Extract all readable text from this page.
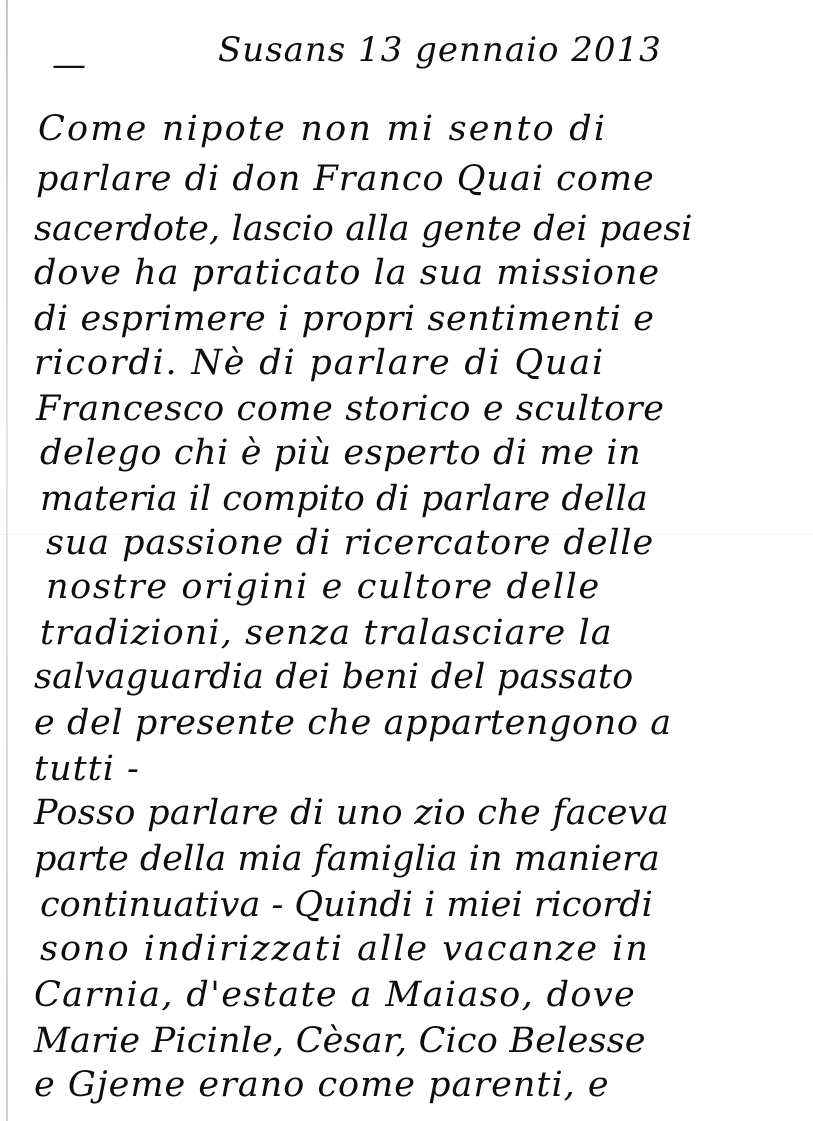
—	Susans 13 gennaio 2013
Come nipote non mi sento di
parlare di don Franco Quai come
sacerdote, lascio alla gente dei paesi
dove ha praticato la sua missione
di esprimere i propri sentimenti e
ricordi. Nè di parlare di Quai
Francesco come storico e scultore
delego chi è più esperto di me in
materia il compito di parlare della
sua passione di ricercatore delle
nostre origini e cultore delle
tradizioni, senza tralasciare la
salvaguardia dei beni del passato
e del presente che appartengono a
tutti -
Posso parlare di uno zio che faceva
parte della mia famiglia in maniera
continuativa - Quindi i miei ricordi
sono indirizzati alle vacanze in
Carnia, d'estate a Maiaso, dove
Marie Picinle, Cèsar, Cico Belesse
e Gjeme erano come parenti, e
